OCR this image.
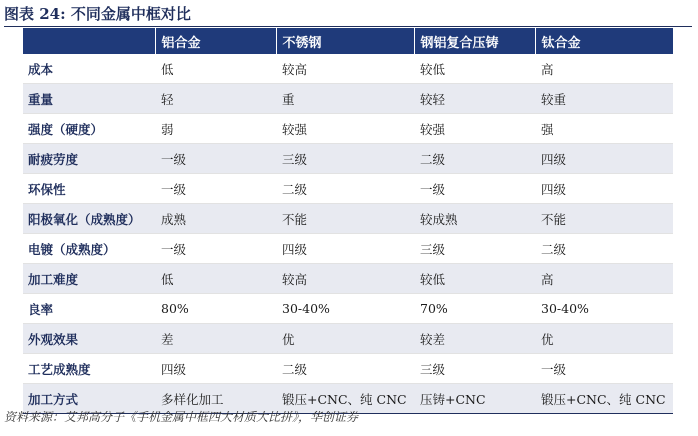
图表 24: 不同金属中框对比
	铝合金	不锈钢	钢铝复合压铸	钛合金
成本	低	较高	较低	高
重量	轻	重	较轻	较重
强度（硬度）	弱	较强	较强	强
耐疲劳度	一级	三级	二级	四级
环保性	一级	二级	一级	四级
阳极氧化（成熟度）	成熟	不能	较成熟	不能
电镀（成熟度）	一级	四级	三级	二级
加工难度	低	较高	较低	高
良率	80%	30-40%	70%	30-40%
外观效果	差	优	较差	优
工艺成熟度	四级	二级	三级	一级
加工方式	多样化加工	锻压+CNC、纯 CNC	压铸+CNC	锻压+CNC、纯 CNC
资料来源：艾邦高分子《手机金属中框四大材质大比拼》，华创证券
